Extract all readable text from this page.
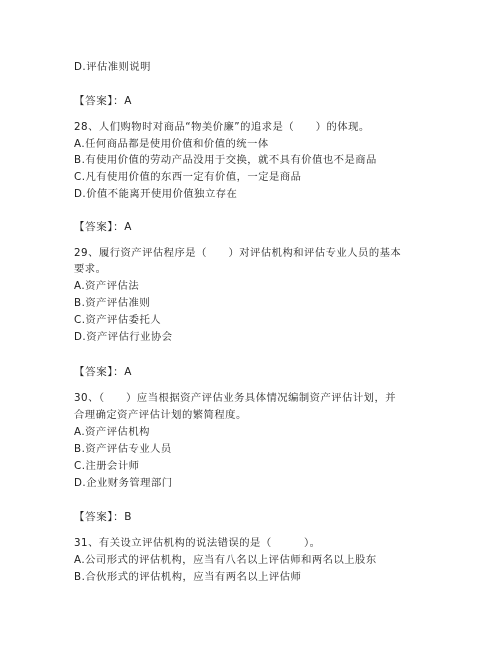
D.评估准则说明
【答案】：A
28、人们购物时对商品“物美价廉”的追求是（　　）的体现。
A.任何商品都是使用价值和价值的统一体
B.有使用价值的劳动产品没用于交换，就不具有价值也不是商品
C.凡有使用价值的东西一定有价值，一定是商品
D.价值不能离开使用价值独立存在
【答案】：A
29、履行资产评估程序是（　　）对评估机构和评估专业人员的基本
要求。
A.资产评估法
B.资产评估准则
C.资产评估委托人
D.资产评估行业协会
【答案】：A
30、（　　）应当根据资产评估业务具体情况编制资产评估计划，并
合理确定资产评估计划的繁简程度。
A.资产评估机构
B.资产评估专业人员
C.注册会计师
D.企业财务管理部门
【答案】：B
31、有关设立评估机构的说法错误的是（　　　）。
A.公司形式的评估机构，应当有八名以上评估师和两名以上股东
B.合伙形式的评估机构，应当有两名以上评估师
